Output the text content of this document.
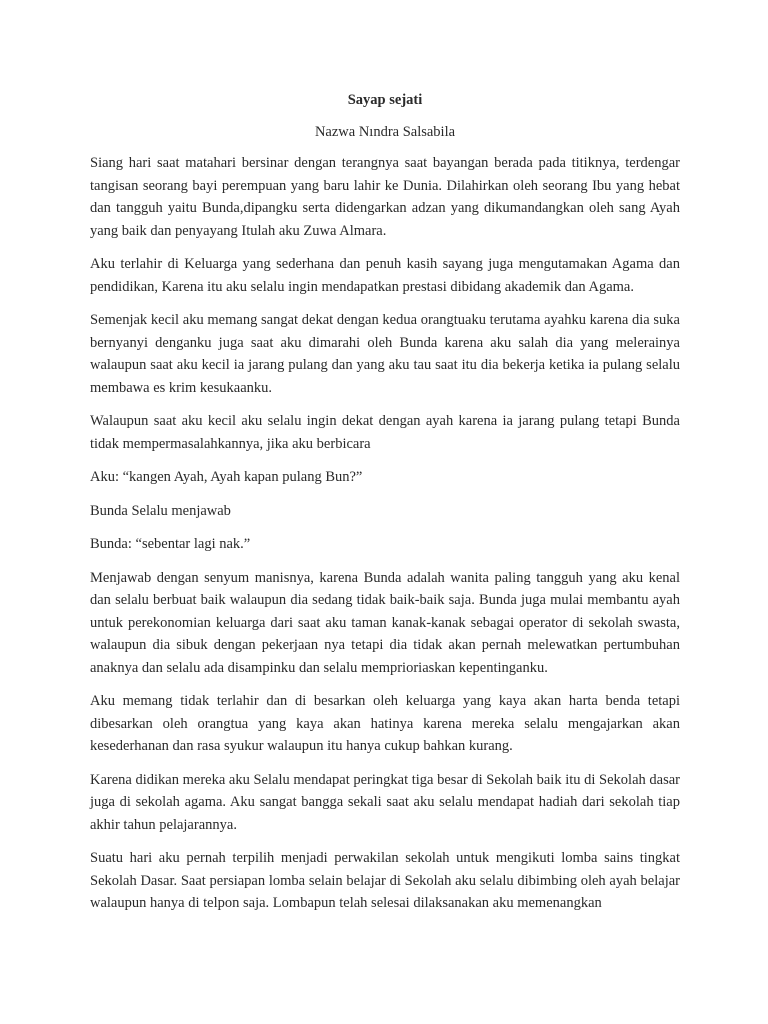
Sayap sejati
Nazwa Nındra Salsabila

Siang hari saat matahari bersinar dengan terangnya saat bayangan berada pada titiknya, terdengar tangisan seorang bayi perempuan yang baru lahir ke Dunia. Dilahirkan oleh seorang Ibu yang hebat dan tangguh yaitu Bunda,dipangku serta didengarkan adzan yang dikumandangkan oleh sang Ayah yang baik dan penyayang Itulah aku Zuwa Almara.

Aku terlahir di Keluarga yang sederhana dan penuh kasih sayang juga mengutamakan Agama dan pendidikan, Karena itu aku selalu ingin mendapatkan prestasi dibidang akademik dan Agama.

Semenjak kecil aku memang sangat dekat dengan kedua orangtuaku terutama ayahku karena dia suka bernyanyi denganku juga saat aku dimarahi oleh Bunda karena aku salah dia yang melerainya walaupun saat aku kecil ia jarang pulang dan yang aku tau saat itu dia bekerja ketika ia pulang selalu membawa es krim kesukaanku.

Walaupun saat aku kecil aku selalu ingin dekat dengan ayah karena ia jarang pulang tetapi Bunda tidak mempermasalahkannya, jika aku berbicara

Aku: “kangen Ayah, Ayah kapan pulang Bun?”

Bunda Selalu menjawab

Bunda: “sebentar lagi nak.”

Menjawab dengan senyum manisnya, karena Bunda adalah wanita paling tangguh yang aku kenal dan selalu berbuat baik walaupun dia sedang tidak baik-baik saja. Bunda juga mulai membantu ayah untuk perekonomian keluarga dari saat aku taman kanak-kanak sebagai operator di sekolah swasta, walaupun dia sibuk dengan pekerjaan nya tetapi dia tidak akan pernah melewatkan pertumbuhan anaknya dan selalu ada disampinku dan selalu memprioriaskan kepentinganku.

Aku memang tidak terlahir dan di besarkan oleh keluarga yang kaya akan harta benda tetapi dibesarkan oleh orangtua yang kaya akan hatinya karena mereka selalu mengajarkan akan kesederhanan dan rasa syukur walaupun itu hanya cukup bahkan kurang.

Karena didikan mereka aku Selalu mendapat peringkat tiga besar di Sekolah baik itu di Sekolah dasar juga di sekolah agama. Aku sangat bangga sekali saat aku selalu mendapat hadiah dari sekolah tiap akhir tahun pelajarannya.

Suatu hari aku pernah terpilih menjadi perwakilan sekolah untuk mengikuti lomba sains tingkat Sekolah Dasar. Saat persiapan lomba selain belajar di Sekolah aku selalu dibimbing oleh ayah belajar walaupun hanya di telpon saja. Lombapun telah selesai dilaksanakan aku memenangkan
